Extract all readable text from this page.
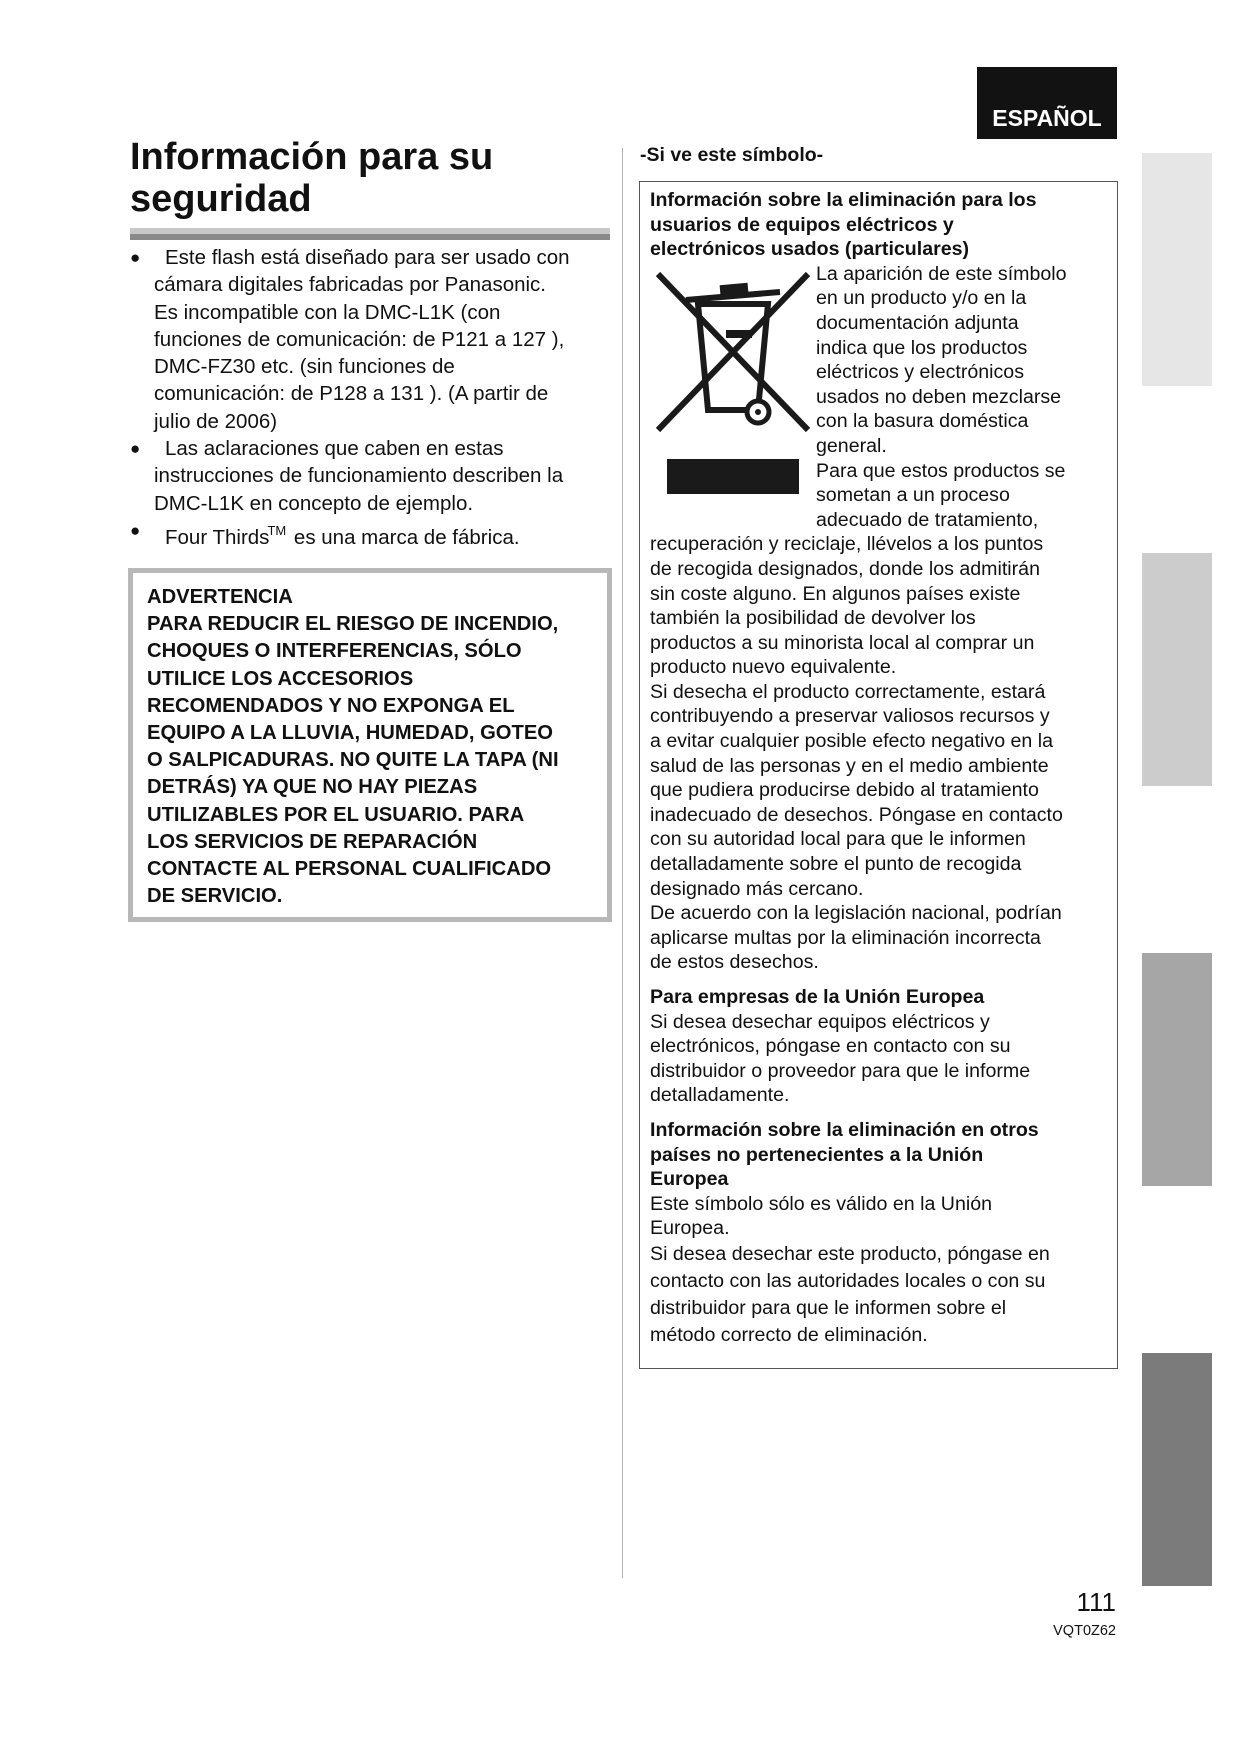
ESPAÑOL
Información para su
seguridad
●	Este flash está diseñado para ser usado con
cámara digitales fabricadas por Panasonic.
Es incompatible con la DMC-L1K (con
funciones de comunicación: de P121 a 127 ),
DMC-FZ30 etc. (sin funciones de
comunicación: de P128 a 131 ). (A partir de
julio de 2006)
●	Las aclaraciones que caben en estas
instrucciones de funcionamiento describen la
DMC-L1K en concepto de ejemplo.
●	Four Thirds™ es una marca de fábrica.
ADVERTENCIA
PARA REDUCIR EL RIESGO DE INCENDIO,
CHOQUES O INTERFERENCIAS, SÓLO
UTILICE LOS ACCESORIOS
RECOMENDADOS Y NO EXPONGA EL
EQUIPO A LA LLUVIA, HUMEDAD, GOTEO
O SALPICADURAS. NO QUITE LA TAPA (NI
DETRÁS) YA QUE NO HAY PIEZAS
UTILIZABLES POR EL USUARIO. PARA
LOS SERVICIOS DE REPARACIÓN
CONTACTE AL PERSONAL CUALIFICADO
DE SERVICIO.

-Si ve este símbolo-

Información sobre la eliminación para los
usuarios de equipos eléctricos y
electrónicos usados (particulares)

La aparición de este símbolo
en un producto y/o en la
documentación adjunta
indica que los productos
eléctricos y electrónicos
usados no deben mezclarse
con la basura doméstica
general.
Para que estos productos se
sometan a un proceso
adecuado de tratamiento,
recuperación y reciclaje, llévelos a los puntos
de recogida designados, donde los admitirán
sin coste alguno. En algunos países existe
también la posibilidad de devolver los
productos a su minorista local al comprar un
producto nuevo equivalente.
Si desecha el producto correctamente, estará
contribuyendo a preservar valiosos recursos y
a evitar cualquier posible efecto negativo en la
salud de las personas y en el medio ambiente
que pudiera producirse debido al tratamiento
inadecuado de desechos. Póngase en contacto
con su autoridad local para que le informen
detalladamente sobre el punto de recogida
designado más cercano.
De acuerdo con la legislación nacional, podrían
aplicarse multas por la eliminación incorrecta
de estos desechos.

Para empresas de la Unión Europea

Si desea desechar equipos eléctricos y
electrónicos, póngase en contacto con su
distribuidor o proveedor para que le informe
detalladamente.

Información sobre la eliminación en otros
países no pertenecientes a la Unión
Europea

Este símbolo sólo es válido en la Unión
Europea.

Si desea desechar este producto, póngase en
contacto con las autoridades locales o con su
distribuidor para que le informen sobre el
método correcto de eliminación.

111
VQT0Z62
